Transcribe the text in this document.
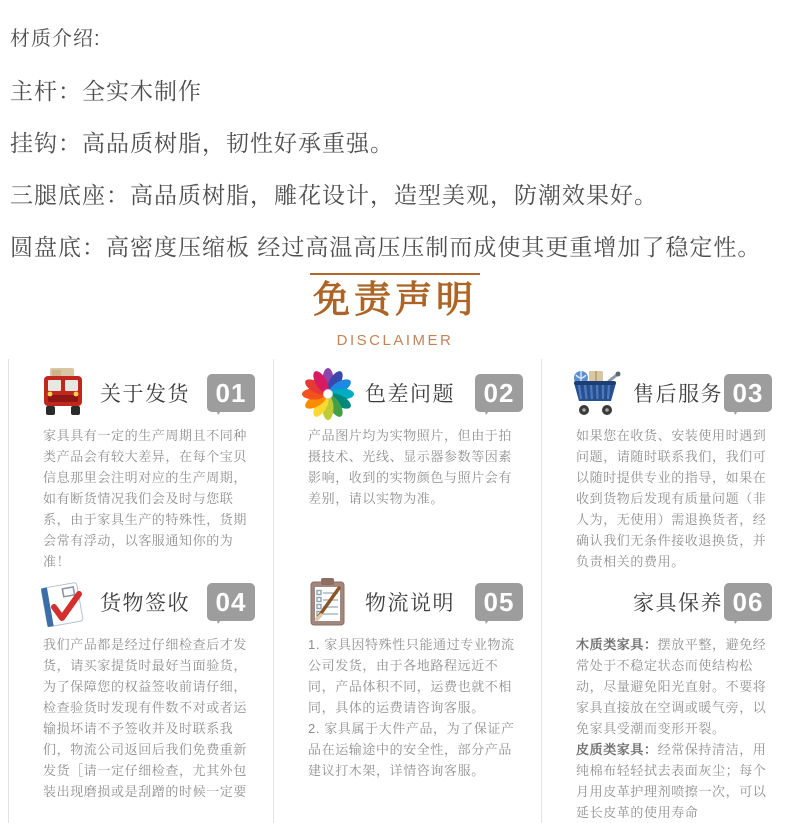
材质介绍:
主杆：全实木制作
挂钩：高品质树脂，韧性好承重强。
三腿底座：高品质树脂，雕花设计，造型美观，防潮效果好。
圆盘底：高密度压缩板 经过高温高压压制而成使其更重增加了稳定性。
免责声明
DISCLAIMER
关于发货 01
家具具有一定的生产周期且不同种类产品会有较大差异，在每个宝贝信息那里会注明对应的生产周期，如有断货情况我们会及时与您联系，由于家具生产的特殊性，货期会常有浮动，以客服通知你的为准！
色差问题	02
产品图片均为实物照片，但由于拍摄技术、光线、显示器参数等因素影响，收到的实物颜色与照片会有差别，请以实物为准。
售后服务 03
如果您在收货、安装使用时遇到问题，请随时联系我们，我们可以随时提供专业的指导，如果在收到货物后发现有质量问题（非人为，无使用）需退换货者，经确认我们无条件接收退换货，并负责相关的费用。
货物签收 04
我们产品都是经过仔细检查后才发货，请买家提货时最好当面验货，为了保障您的权益签收前请仔细，检查验货时发现有件数不对或者运输损坏请不予签收并及时联系我们，物流公司返回后我们免费重新发货［请一定仔细检查，尤其外包装出现磨损或是刮蹭的时候一定要
物流说明	05

1. 家具因特殊性只能通过专业物流公司发货，由于各地路程远近不同，产品体积不同，运费也就不相同，具体的运费请咨询客服。

2. 家具属于大件产品，为了保证产品在运输途中的安全性，部分产品建议打木架，详情咨询客服。

家具保养 06

木质类家具：摆放平整，避免经常处于不稳定状态而使结构松动，尽量避免阳光直射。不要将家具直接放在空调或暖气旁，以免家具受潮而变形开裂。

皮质类家具：经常保持清洁，用纯棉布轻轻拭去表面灰尘；每个月用皮革护理剂喷擦一次，可以延长皮革的使用寿命
